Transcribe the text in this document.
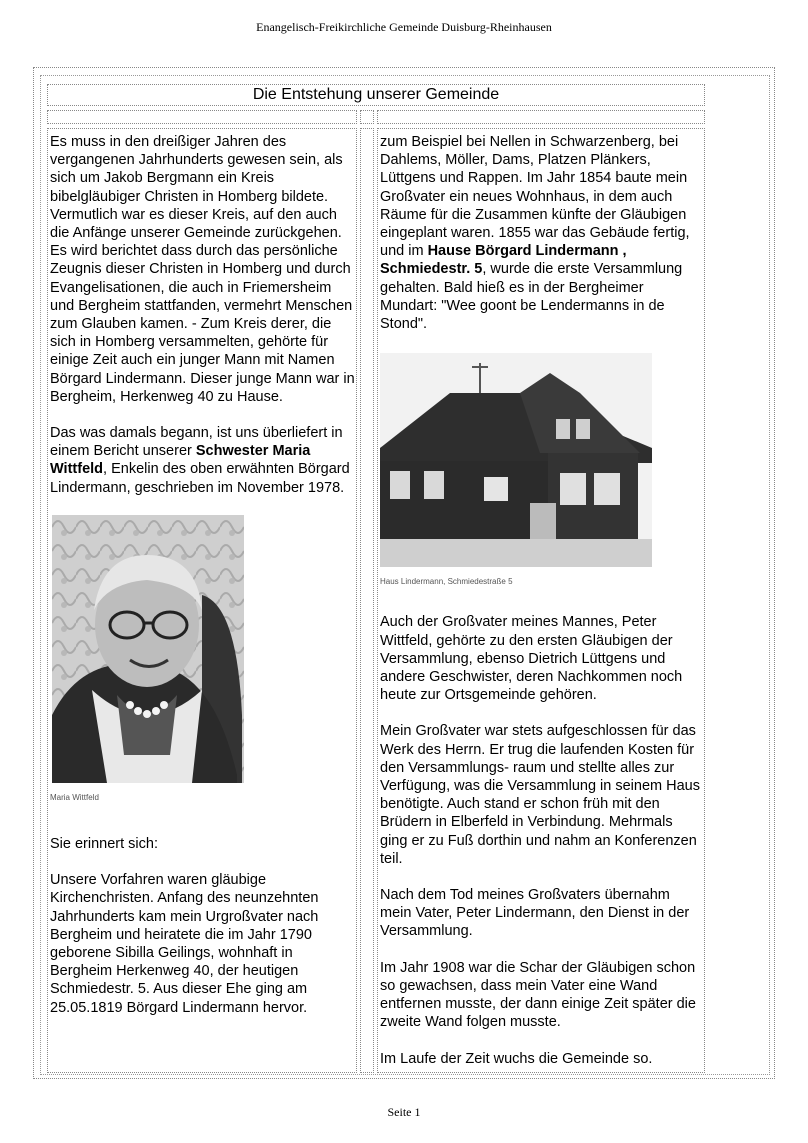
Enangelisch-Freikirchliche Gemeinde Duisburg-Rheinhausen
Die Entstehung unserer Gemeinde

Es muss in den dreißiger Jahren des vergangenen Jahrhunderts gewesen sein, als sich um Jakob Bergmann ein Kreis bibelgläubiger Christen in Homberg bildete. Vermutlich war es dieser Kreis, auf den auch die Anfänge unserer Gemeinde zurückgehen. Es wird berichtet dass durch das persönliche Zeugnis dieser Christen in Homberg und durch Evangelisationen, die auch in Friemersheim und Bergheim stattfanden, vermehrt Menschen zum Glauben kamen. - Zum Kreis derer, die sich in Homberg versammelten, gehörte für einige Zeit auch ein junger Mann mit Namen Börgard Lindermann. Dieser junge Mann war in Bergheim, Herkenweg 40 zu Hause.

Das was damals begann, ist uns überliefert in einem Bericht unserer Schwester Maria Wittfeld, Enkelin des oben erwähnten Börgard Lindermann, geschrieben im November 1978.

Maria Wittfeld

Sie erinnert sich:

Unsere Vorfahren waren gläubige Kirchenchristen. Anfang des neunzehnten Jahrhunderts kam mein Urgroßvater nach Bergheim und heiratete die im Jahr 1790 geborene Sibilla Geilings, wohnhaft in Bergheim Herkenweg 40, der heutigen Schmiedestr. 5. Aus dieser Ehe ging am 25.05.1819 Börgard Lindermann hervor.

zum Beispiel bei Nellen in Schwarzenberg, bei Dahlems, Möller, Dams, Platzen Plänkers, Lüttgens und Rappen. Im Jahr 1854 baute mein Großvater ein neues Wohnhaus, in dem auch Räume für die Zusammen künfte der Gläubigen eingeplant waren. 1855 war das Gebäude fertig, und im Hause Börgard Lindermann , Schmiedestr. 5, wurde die erste Versammlung gehalten. Bald hieß es in der Bergheimer Mundart: "Wee goont be Lendermanns in de Stond".

Haus Lindermann, Schmiedestraße 5

Auch der Großvater meines Mannes, Peter Wittfeld, gehörte zu den ersten Gläubigen der Versammlung, ebenso Dietrich Lüttgens und andere Geschwister, deren Nachkommen noch heute zur Ortsgemeinde gehören.

Mein Großvater war stets aufgeschlossen für das Werk des Herrn. Er trug die laufenden Kosten für den Versammlungs- raum und stellte alles zur Verfügung, was die Versammlung in seinem Haus benötigte. Auch stand er schon früh mit den Brüdern in Elberfeld in Verbindung. Mehrmals ging er zu Fuß dorthin und nahm an Konferenzen teil.

Nach dem Tod meines Großvaters übernahm mein Vater, Peter Lindermann, den Dienst in der Versammlung.

Im Jahr 1908 war die Schar der Gläubigen schon so gewachsen, dass mein Vater eine Wand entfernen musste, der dann einige Zeit später die zweite Wand folgen musste.

Im Laufe der Zeit wuchs die Gemeinde so.

Seite 1
